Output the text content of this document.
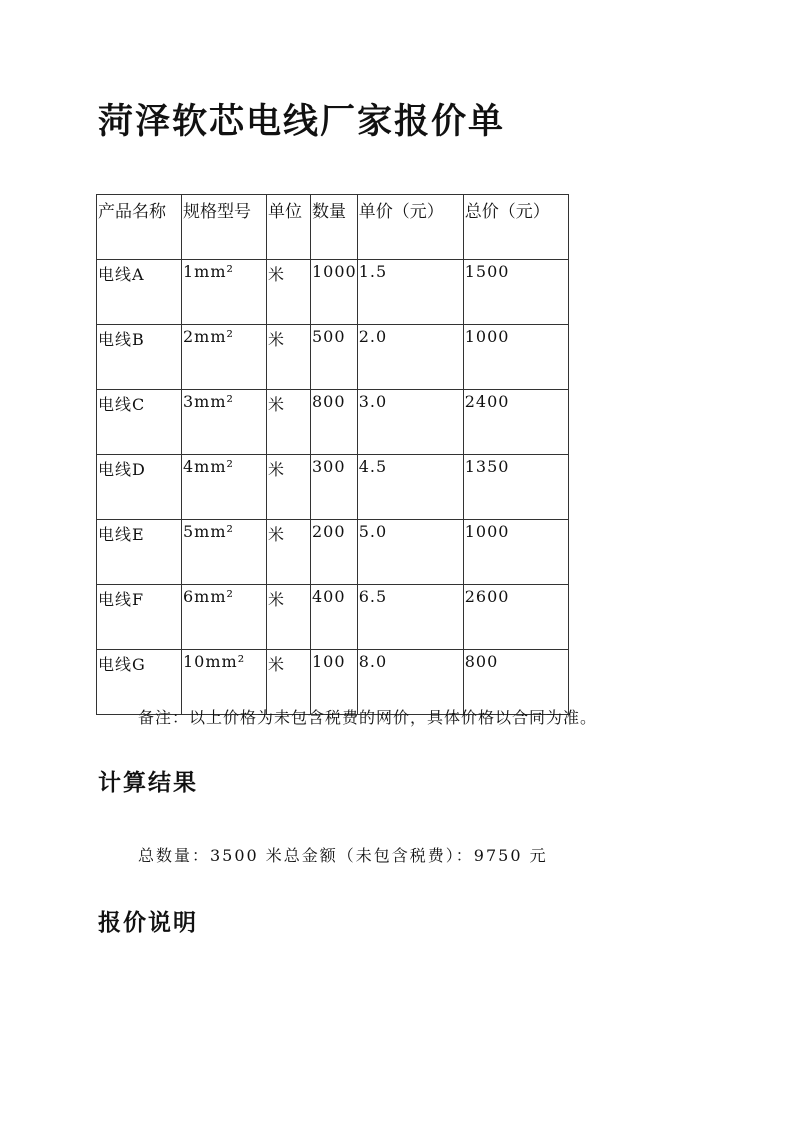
菏泽软芯电线厂家报价单
产品名称	规格型号	单位	数量	单价（元）	总价（元）
电线A	1mm²	米	1000	1.5	1500
电线B	2mm²	米	500	2.0	1000
电线C	3mm²	米	800	3.0	2400
电线D	4mm²	米	300	4.5	1350
电线E	5mm²	米	200	5.0	1000
电线F	6mm²	米	400	6.5	2600
电线G	10mm²	米	100	8.0	800
备注：以上价格为未包含税费的网价，具体价格以合同为准。
计算结果
总数量：3500 米总金额（未包含税费）：9750 元
报价说明
